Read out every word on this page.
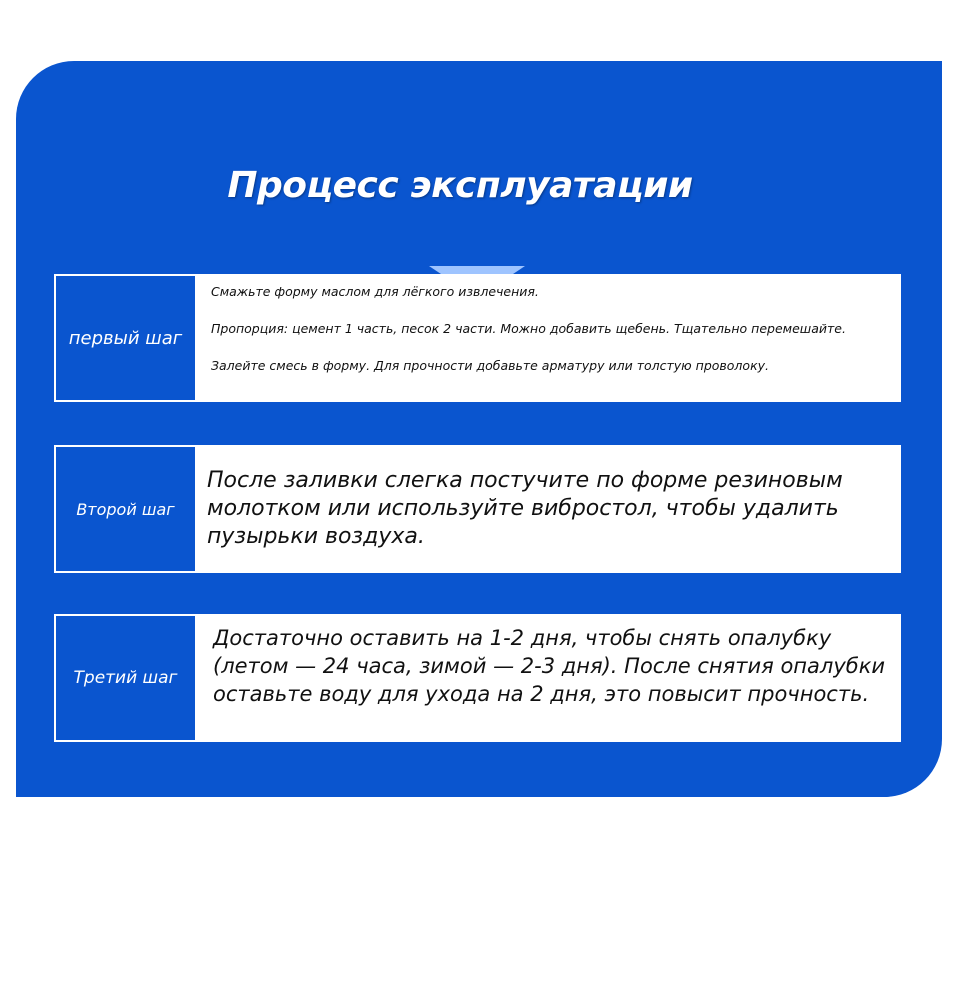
Процесс эксплуатации
первый шаг

Смажьте форму маслом для лёгкого извлечения.

Пропорция: цемент 1 часть, песок 2 части. Можно добавить щебень. Тщательно перемешайте.

Залейте смесь в форму. Для прочности добавьте арматуру или толстую проволоку.

Второй шаг
После заливки слегка постучите по форме резиновым молотком или используйте вибростол, чтобы удалить пузырьки воздуха.
Третий шаг
Достаточно оставить на 1-2 дня, чтобы снять опалубку (летом — 24 часа, зимой — 2-3 дня). После снятия опалубки оставьте воду для ухода на 2 дня, это повысит прочность.
